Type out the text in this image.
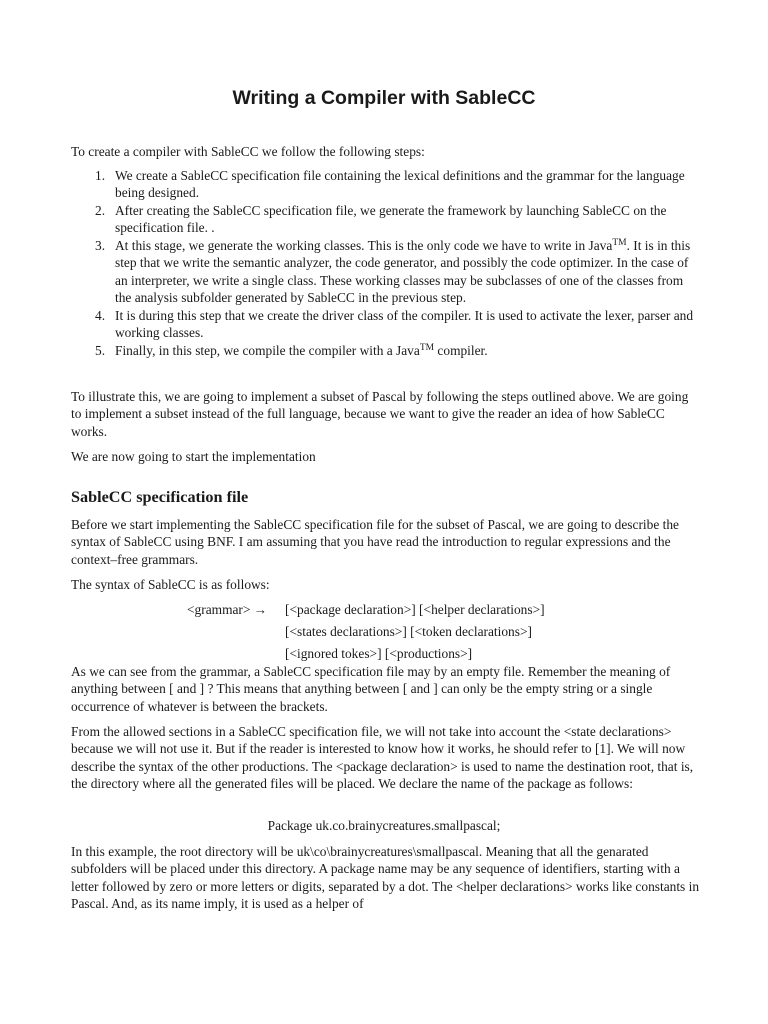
Writing a Compiler with SableCC

To create a compiler with SableCC we follow the following steps:

1. We create a SableCC specification file containing the lexical definitions and the grammar for the language being designed.
2. After creating the SableCC specification file, we generate the framework by launching SableCC on the specification file. .
3. At this stage, we generate the working classes. This is the only code we have to write in Java™. It is in this step that we write the semantic analyzer, the code generator, and possibly the code optimizer. In the case of an interpreter, we write a single class. These working classes may be subclasses of one of the classes from the analysis subfolder generated by SableCC in the previous step.
4. It is during this step that we create the driver class of the compiler. It is used to activate the lexer, parser and working classes.
5. Finally, in this step, we compile the compiler with a Java™ compiler.

To illustrate this, we are going to implement a subset of Pascal by following the steps outlined above. We are going to implement a subset instead of the full language, because we want to give the reader an idea of how SableCC works.

We are now going to start the implementation

SableCC specification file

Before we start implementing the SableCC specification file for the subset of Pascal, we are going to describe the syntax of SableCC using BNF. I am assuming that you have read the introduction to regular expressions and the context–free grammars.

The syntax of SableCC is as follows:

<grammar> → [<package declaration>] [<helper declarations>]
[<states declarations>] [<token declarations>]
[<ignored tokes>] [<productions>]

As we can see from the grammar, a SableCC specification file may by an empty file. Remember the meaning of anything between [ and ] ? This means that anything between [ and ] can only be the empty string or a single occurrence of whatever is between the brackets.

From the allowed sections in a SableCC specification file, we will not take into account the <state declarations> because we will not use it. But if the reader is interested to know how it works, he should refer to [1]. We will now describe the syntax of the other productions. The <package declaration> is used to name the destination root, that is, the directory where all the generated files will be placed. We declare the name of the package as follows:

Package uk.co.brainycreatures.smallpascal;

In this example, the root directory will be uk\co\brainycreatures\smallpascal. Meaning that all the genarated subfolders will be placed under this directory. A package name may be any sequence of identifiers, starting with a letter followed by zero or more letters or digits, separated by a dot. The <helper declarations> works like constants in Pascal. And, as its name imply, it is used as a helper of
